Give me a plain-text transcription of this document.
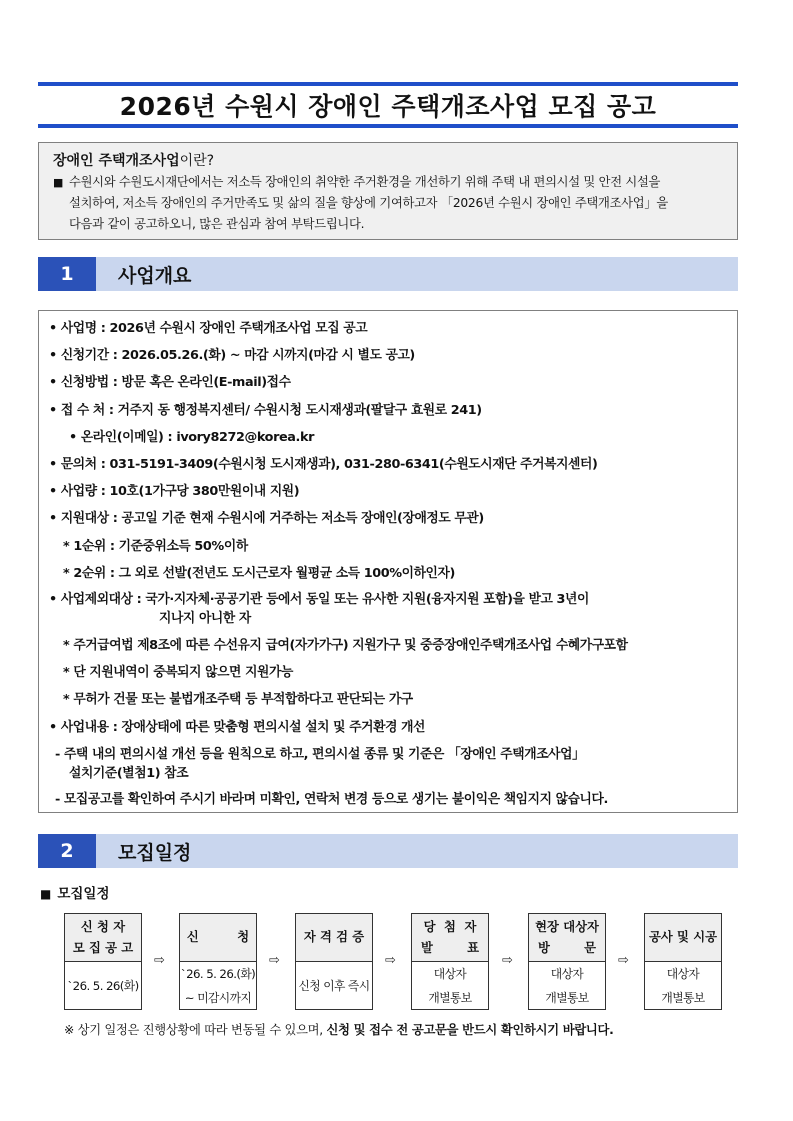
2026년 수원시 장애인 주택개조사업 모집 공고
장애인 주택개조사업이란?
■ 수원시와 수원도시재단에서는 저소득 장애인의 취약한 주거환경을 개선하기 위해 주택 내 편의시설 및 안전 시설을
설치하여, 저소득 장애인의 주거만족도 및 삶의 질을 향상에 기여하고자 「2026년 수원시 장애인 주택개조사업」을
다음과 같이 공고하오니, 많은 관심과 참여 부탁드립니다.
1	사업개요
• 사업명 : 2026년 수원시 장애인 주택개조사업 모집 공고
• 신청기간 : 2026.05.26.(화) ~ 마감 시까지(마감 시 별도 공고)
• 신청방법 : 방문 혹은 온라인(E-mail)접수
• 접 수 처 : 거주지 동 행정복지센터/ 수원시청 도시재생과(팔달구 효원로 241)
• 온라인(이메일) : ivory8272@korea.kr
• 문의처 : 031-5191-3409(수원시청 도시재생과), 031-280-6341(수원도시재단 주거복지센터)
• 사업량 : 10호(1가구당 380만원이내 지원)
• 지원대상 : 공고일 기준 현재 수원시에 거주하는 저소득 장애인(장애정도 무관)
* 1순위 : 기준중위소득 50%이하
* 2순위 : 그 외로 선발(전년도 도시근로자 월평균 소득 100%이하인자)
• 사업제외대상 : 국가·지자체·공공기관 등에서 동일 또는 유사한 지원(융자지원 포함)을 받고 3년이
지나지 아니한 자
* 주거급여법 제8조에 따른 수선유지 급여(자가가구) 지원가구 및 중증장애인주택개조사업 수혜가구포함
* 단 지원내역이 중복되지 않으면 지원가능
* 무허가 건물 또는 불법개조주택 등 부적합하다고 판단되는 가구
• 사업내용 : 장애상태에 따른 맞춤형 편의시설 설치 및 주거환경 개선
- 주택 내의 편의시설 개선 등을 원칙으로 하고, 편의시설 종류 및 기준은 「장애인 주택개조사업」
설치기준(별첨1) 참조
- 모집공고를 확인하여 주시기 바라며 미확인, 연락처 변경 등으로 생기는 불이익은 책임지지 않습니다.
2	모집일정
■ 모집일정
신 청 자
모 집 공 고
`26. 5. 26(화)
⇨
신         청
`26. 5. 26.(화)
~ 미감시까지
⇨
자 격 검 증
신청 이후 즉시
⇨
당  첨  자
발        표
대상자
개별통보
⇨
현장 대상자
방        문
대상자
개별통보
⇨
공사 및 시공
대상자
개별통보
※ 상기 일정은 진행상황에 따라 변동될 수 있으며, 신청 및 접수 전 공고문을 반드시 확인하시기 바랍니다.
